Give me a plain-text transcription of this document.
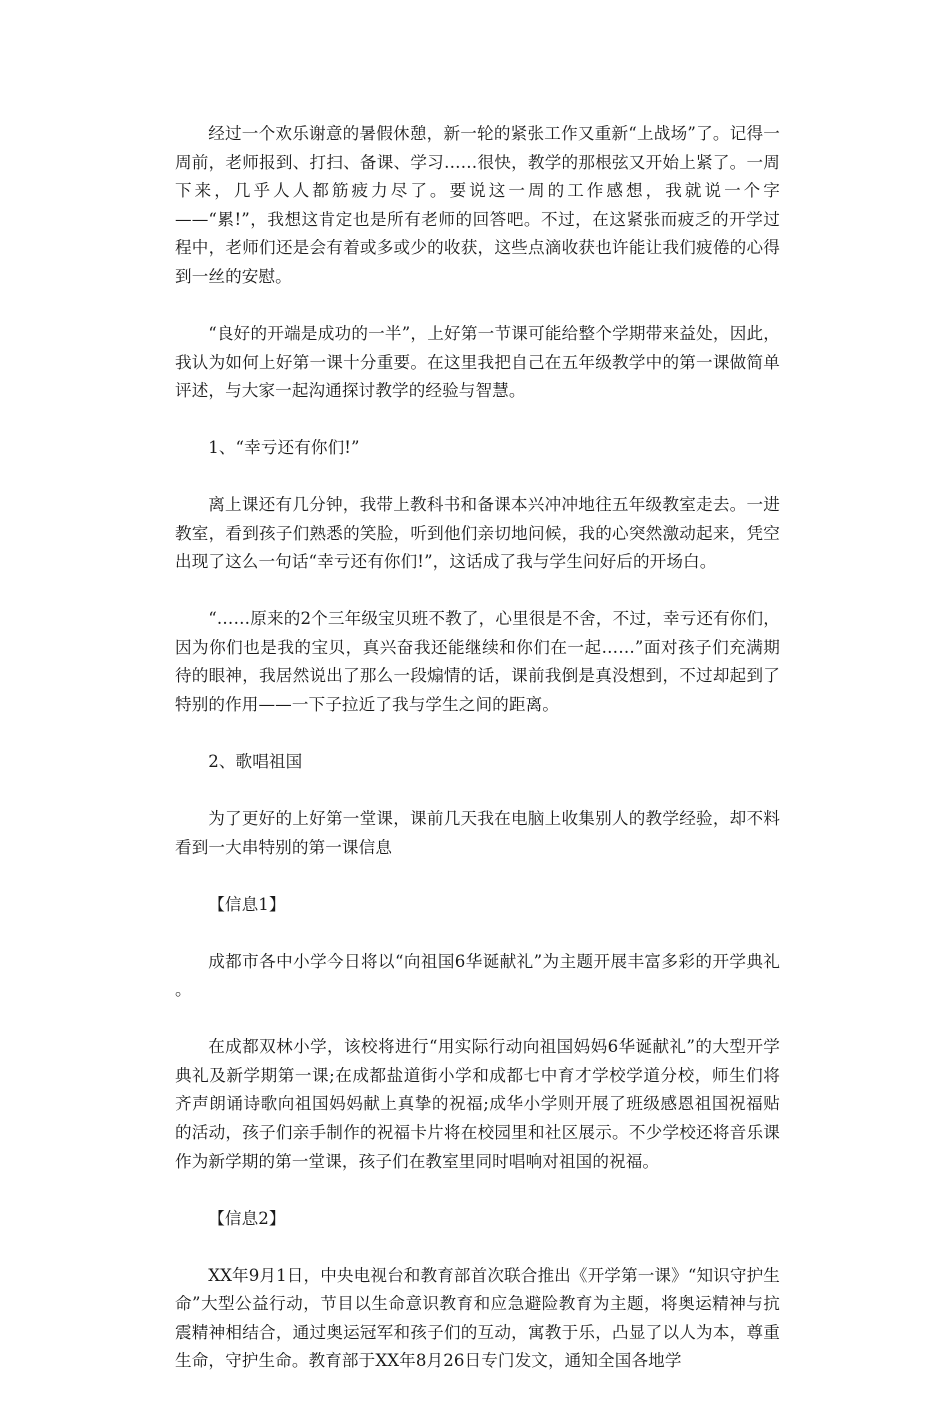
经过一个欢乐谢意的暑假休憩，新一轮的紧张工作又重新“上战场”了。记得一周前，老师报到、打扫、备课、学习……很快，教学的那根弦又开始上紧了。一周下来，几乎人人都筋疲力尽了。要说这一周的工作感想，我就说一个字——“累!”，我想这肯定也是所有老师的回答吧。不过，在这紧张而疲乏的开学过程中，老师们还是会有着或多或少的收获，这些点滴收获也许能让我们疲倦的心得到一丝的安慰。

“良好的开端是成功的一半”，上好第一节课可能给整个学期带来益处，因此，我认为如何上好第一课十分重要。在这里我把自己在五年级教学中的第一课做简单评述，与大家一起沟通探讨教学的经验与智慧。

1、“幸亏还有你们!”

离上课还有几分钟，我带上教科书和备课本兴冲冲地往五年级教室走去。一进教室，看到孩子们熟悉的笑脸，听到他们亲切地问候，我的心突然激动起来，凭空出现了这么一句话“幸亏还有你们!”，这话成了我与学生问好后的开场白。

“……原来的2个三年级宝贝班不教了，心里很是不舍，不过，幸亏还有你们，因为你们也是我的宝贝，真兴奋我还能继续和你们在一起……”面对孩子们充满期待的眼神，我居然说出了那么一段煽情的话，课前我倒是真没想到，不过却起到了特别的作用——一下子拉近了我与学生之间的距离。

2、歌唱祖国

为了更好的上好第一堂课，课前几天我在电脑上收集别人的教学经验，却不料看到一大串特别的第一课信息

【信息1】

成都市各中小学今日将以“向祖国6华诞献礼”为主题开展丰富多彩的开学典礼 。

在成都双林小学，该校将进行“用实际行动向祖国妈妈6华诞献礼”的大型开学典礼及新学期第一课;在成都盐道街小学和成都七中育才学校学道分校，师生们将齐声朗诵诗歌向祖国妈妈献上真挚的祝福;成华小学则开展了班级感恩祖国祝福贴的活动，孩子们亲手制作的祝福卡片将在校园里和社区展示。不少学校还将音乐课作为新学期的第一堂课，孩子们在教室里同时唱响对祖国的祝福。

【信息2】

XX年9月1日，中央电视台和教育部首次联合推出《开学第一课》“知识守护生命”大型公益行动，节目以生命意识教育和应急避险教育为主题，将奥运精神与抗震精神相结合，通过奥运冠军和孩子们的互动，寓教于乐，凸显了以人为本，尊重生命，守护生命。教育部于XX年8月26日专门发文，通知全国各地学
